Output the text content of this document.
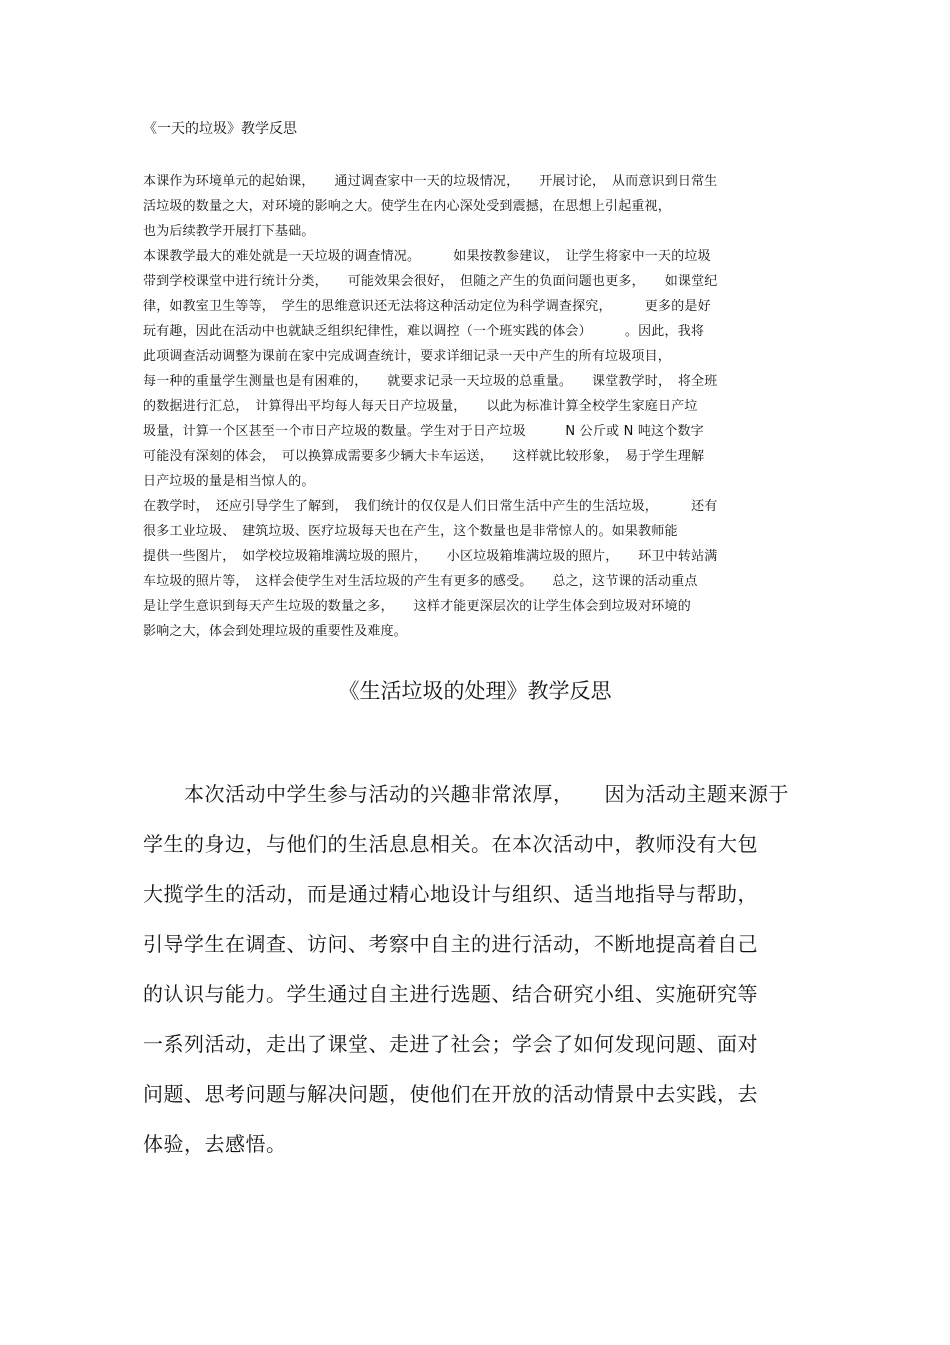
《一天的垃圾》教学反思
本课作为环境单元的起始课，　　通过调查家中一天的垃圾情况，　　开展讨论，　从而意识到日常生
活垃圾的数量之大，对环境的影响之大。使学生在内心深处受到震撼，在思想上引起重视，
也为后续教学开展打下基础。
本课教学最大的难处就是一天垃圾的调查情况。　　　如果按教参建议，　让学生将家中一天的垃圾
带到学校课堂中进行统计分类，　　可能效果会很好，　但随之产生的负面问题也更多，　　如课堂纪
律，如教室卫生等等，　学生的思维意识还无法将这种活动定位为科学调查探究，　　　更多的是好
玩有趣，因此在活动中也就缺乏组织纪律性，难以调控（一个班实践的体会）　　　。因此，我将
此项调查活动调整为课前在家中完成调查统计，要求详细记录一天中产生的所有垃圾项目，
每一种的重量学生测量也是有困难的，　　就要求记录一天垃圾的总重量。　　课堂教学时，　将全班
的数据进行汇总，　计算得出平均每人每天日产垃圾量，　　以此为标准计算全校学生家庭日产垃
圾量，计算一个区甚至一个市日产垃圾的数量。学生对于日产垃圾　　　N 公斤或 N 吨这个数字
可能没有深刻的体会，　可以换算成需要多少辆大卡车运送，　　这样就比较形象，　易于学生理解
日产垃圾的量是相当惊人的。
在教学时，　还应引导学生了解到，　我们统计的仅仅是人们日常生活中产生的生活垃圾，　　　还有
很多工业垃圾、　建筑垃圾、医疗垃圾每天也在产生，这个数量也是非常惊人的。如果教师能
提供一些图片，　如学校垃圾箱堆满垃圾的照片，　　小区垃圾箱堆满垃圾的照片，　　环卫中转站满
车垃圾的照片等，　这样会使学生对生活垃圾的产生有更多的感受。　　总之，这节课的活动重点
是让学生意识到每天产生垃圾的数量之多，　　这样才能更深层次的让学生体会到垃圾对环境的
影响之大，体会到处理垃圾的重要性及难度。
《生活垃圾的处理》教学反思
　　本次活动中学生参与活动的兴趣非常浓厚，　　因为活动主题来源于
学生的身边，与他们的生活息息相关。在本次活动中，教师没有大包
大揽学生的活动，而是通过精心地设计与组织、适当地指导与帮助，
引导学生在调查、访问、考察中自主的进行活动，不断地提高着自己
的认识与能力。学生通过自主进行选题、结合研究小组、实施研究等
一系列活动，走出了课堂、走进了社会；学会了如何发现问题、面对
问题、思考问题与解决问题，使他们在开放的活动情景中去实践，去
体验，去感悟。
